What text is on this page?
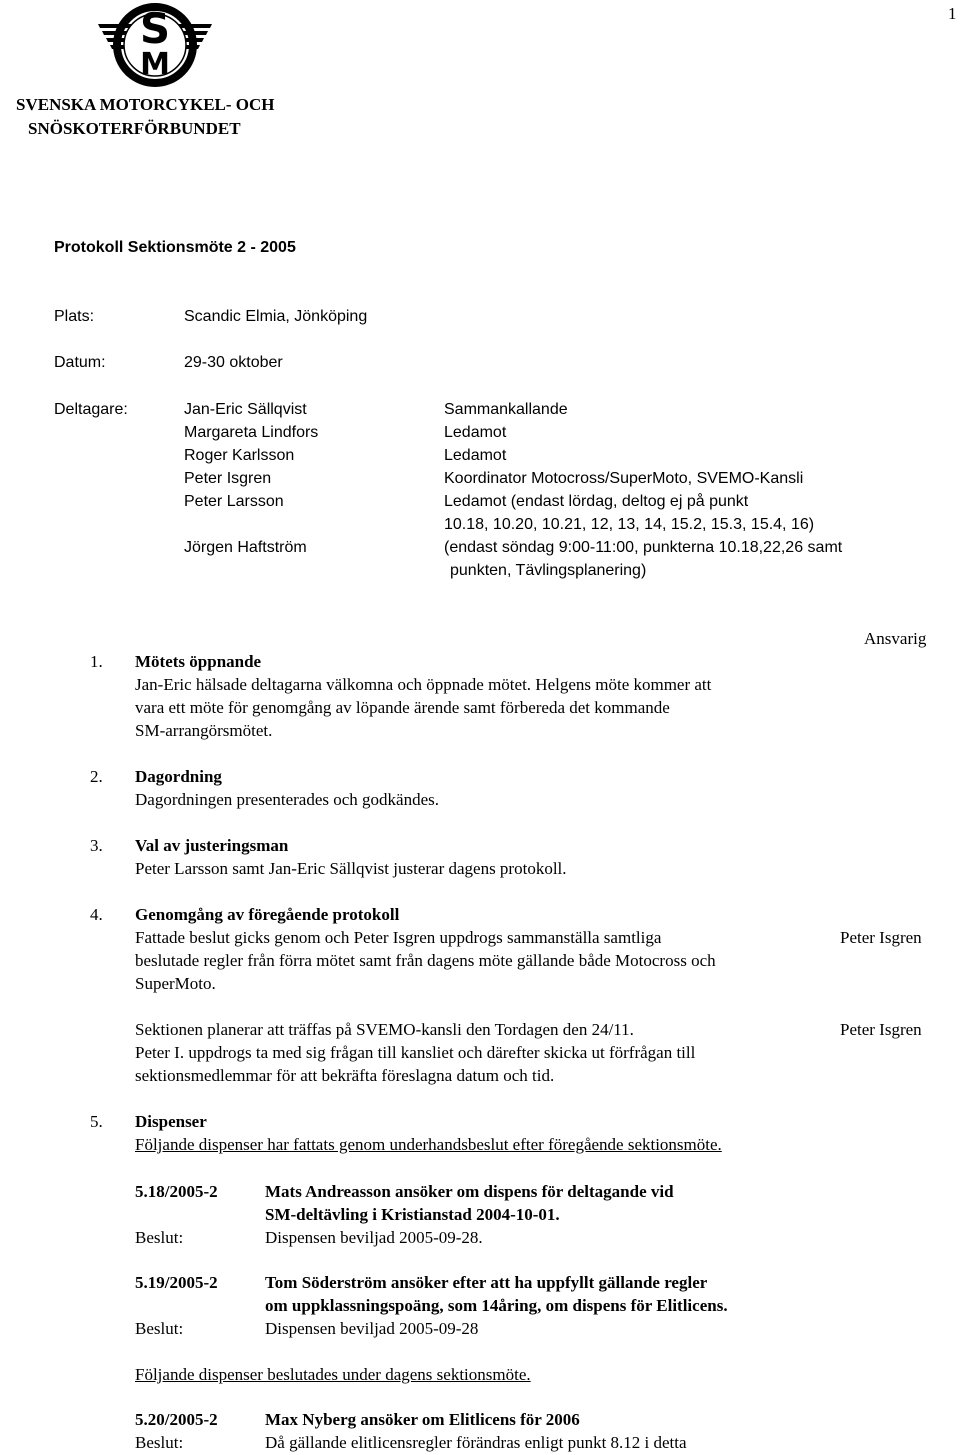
1
S
M
SVENSKA MOTORCYKEL- OCH
SNÖSKOTERFÖRBUNDET
Protokoll Sektionsmöte 2 - 2005
Plats:	Scandic Elmia, Jönköping
Datum:	29-30 oktober
Deltagare:	Jan-Eric Sällqvist	Sammankallande
Margareta Lindfors	Ledamot
Roger Karlsson	Ledamot
Peter Isgren	Koordinator Motocross/SuperMoto, SVEMO-Kansli
Peter Larsson	Ledamot (endast lördag, deltog ej på punkt
10.18, 10.20, 10.21, 12, 13, 14, 15.2, 15.3, 15.4, 16)
Jörgen Haftström	(endast söndag 9:00-11:00, punkterna 10.18,22,26 samt
punkten, Tävlingsplanering)
Ansvarig
1. Mötets öppnande
Jan-Eric hälsade deltagarna välkomna och öppnade mötet. Helgens möte kommer att
vara ett möte för genomgång av löpande ärende samt förbereda det kommande
SM-arrangörsmötet.
2. Dagordning
Dagordningen presenterades och godkändes.
3. Val av justeringsman
Peter Larsson samt Jan-Eric Sällqvist justerar dagens protokoll.
4. Genomgång av föregående protokoll
Fattade beslut gicks genom och Peter Isgren uppdrogs sammanställa samtliga	Peter Isgren
beslutade regler från förra mötet samt från dagens möte gällande både Motocross och
SuperMoto.
Sektionen planerar att träffas på SVEMO-kansli den Tordagen den 24/11.	Peter Isgren
Peter I. uppdrogs ta med sig frågan till kansliet och därefter skicka ut förfrågan till
sektionsmedlemmar för att bekräfta föreslagna datum och tid.
5. Dispenser
Följande dispenser har fattats genom underhandsbeslut efter föregående sektionsmöte.
5.18/2005-2	Mats Andreasson ansöker om dispens för deltagande vid
SM-deltävling i Kristianstad 2004-10-01.
Beslut:	Dispensen beviljad 2005-09-28.
5.19/2005-2	Tom Söderström ansöker efter att ha uppfyllt gällande regler
om uppklassningspoäng, som 14åring, om dispens för Elitlicens.
Beslut:	Dispensen beviljad 2005-09-28
Följande dispenser beslutades under dagens sektionsmöte.
5.20/2005-2	Max Nyberg ansöker om Elitlicens för 2006
Beslut:	Då gällande elitlicensregler förändras enligt punkt 8.12 i detta
